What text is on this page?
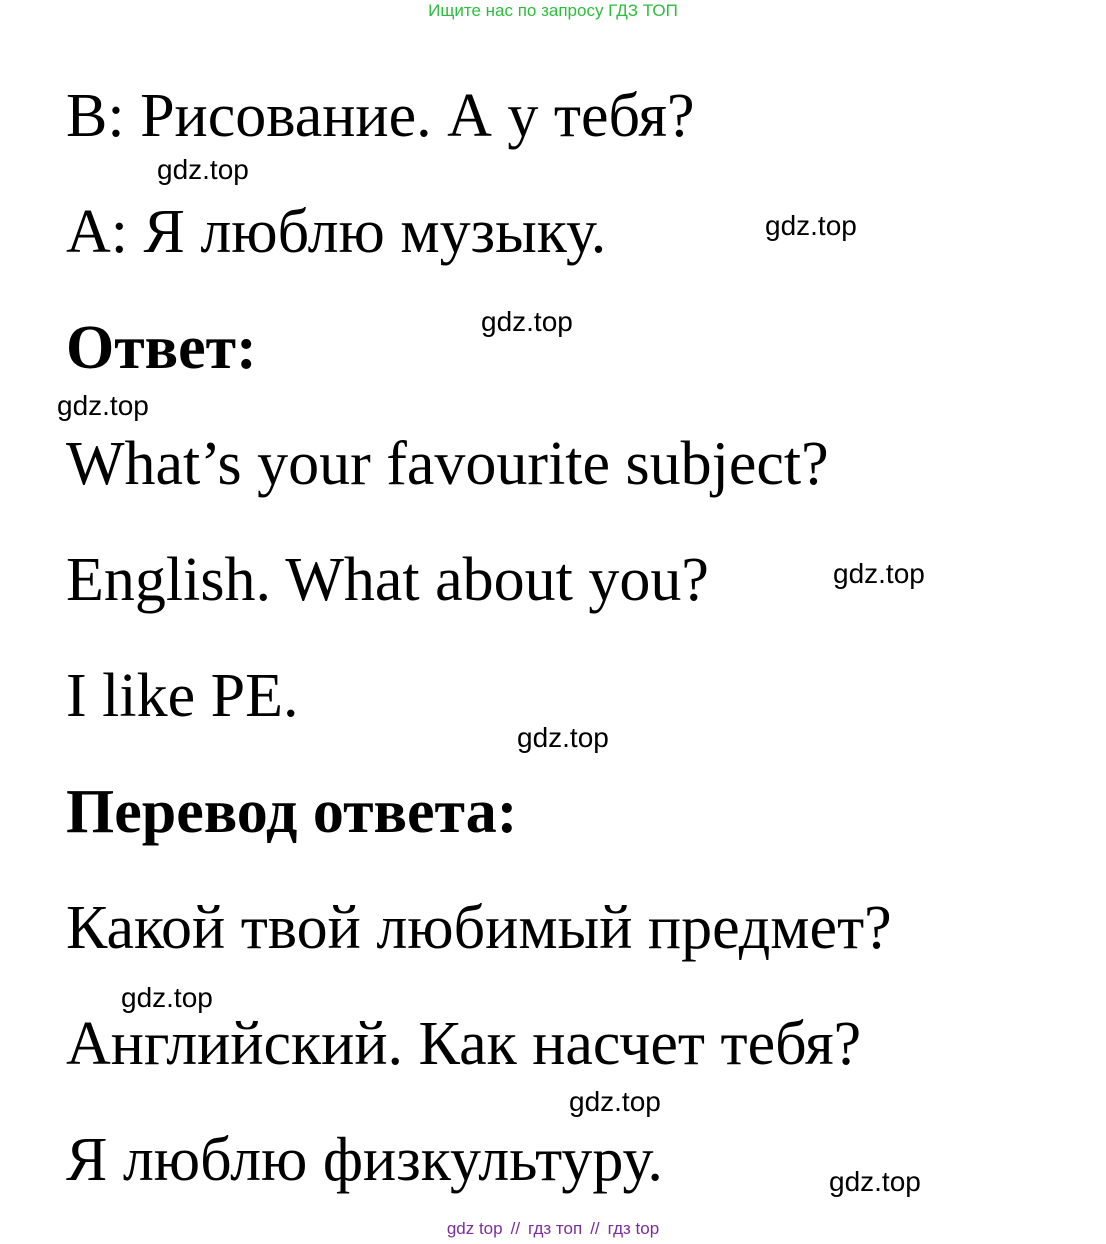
Ищите нас по запросу ГДЗ ТОП
B: Рисование. А у тебя?
A: Я люблю музыку.
Ответ:
What’s your favourite subject?
English. What about you?
I like PE.
Перевод ответа:
Какой твой любимый предмет?
Английский. Как насчет тебя?
Я люблю физкультуру.
gdz.top
gdz.top
gdz.top
gdz.top
gdz.top
gdz.top
gdz.top
gdz.top
gdz.top
gdz top // гдз топ // гдз top
